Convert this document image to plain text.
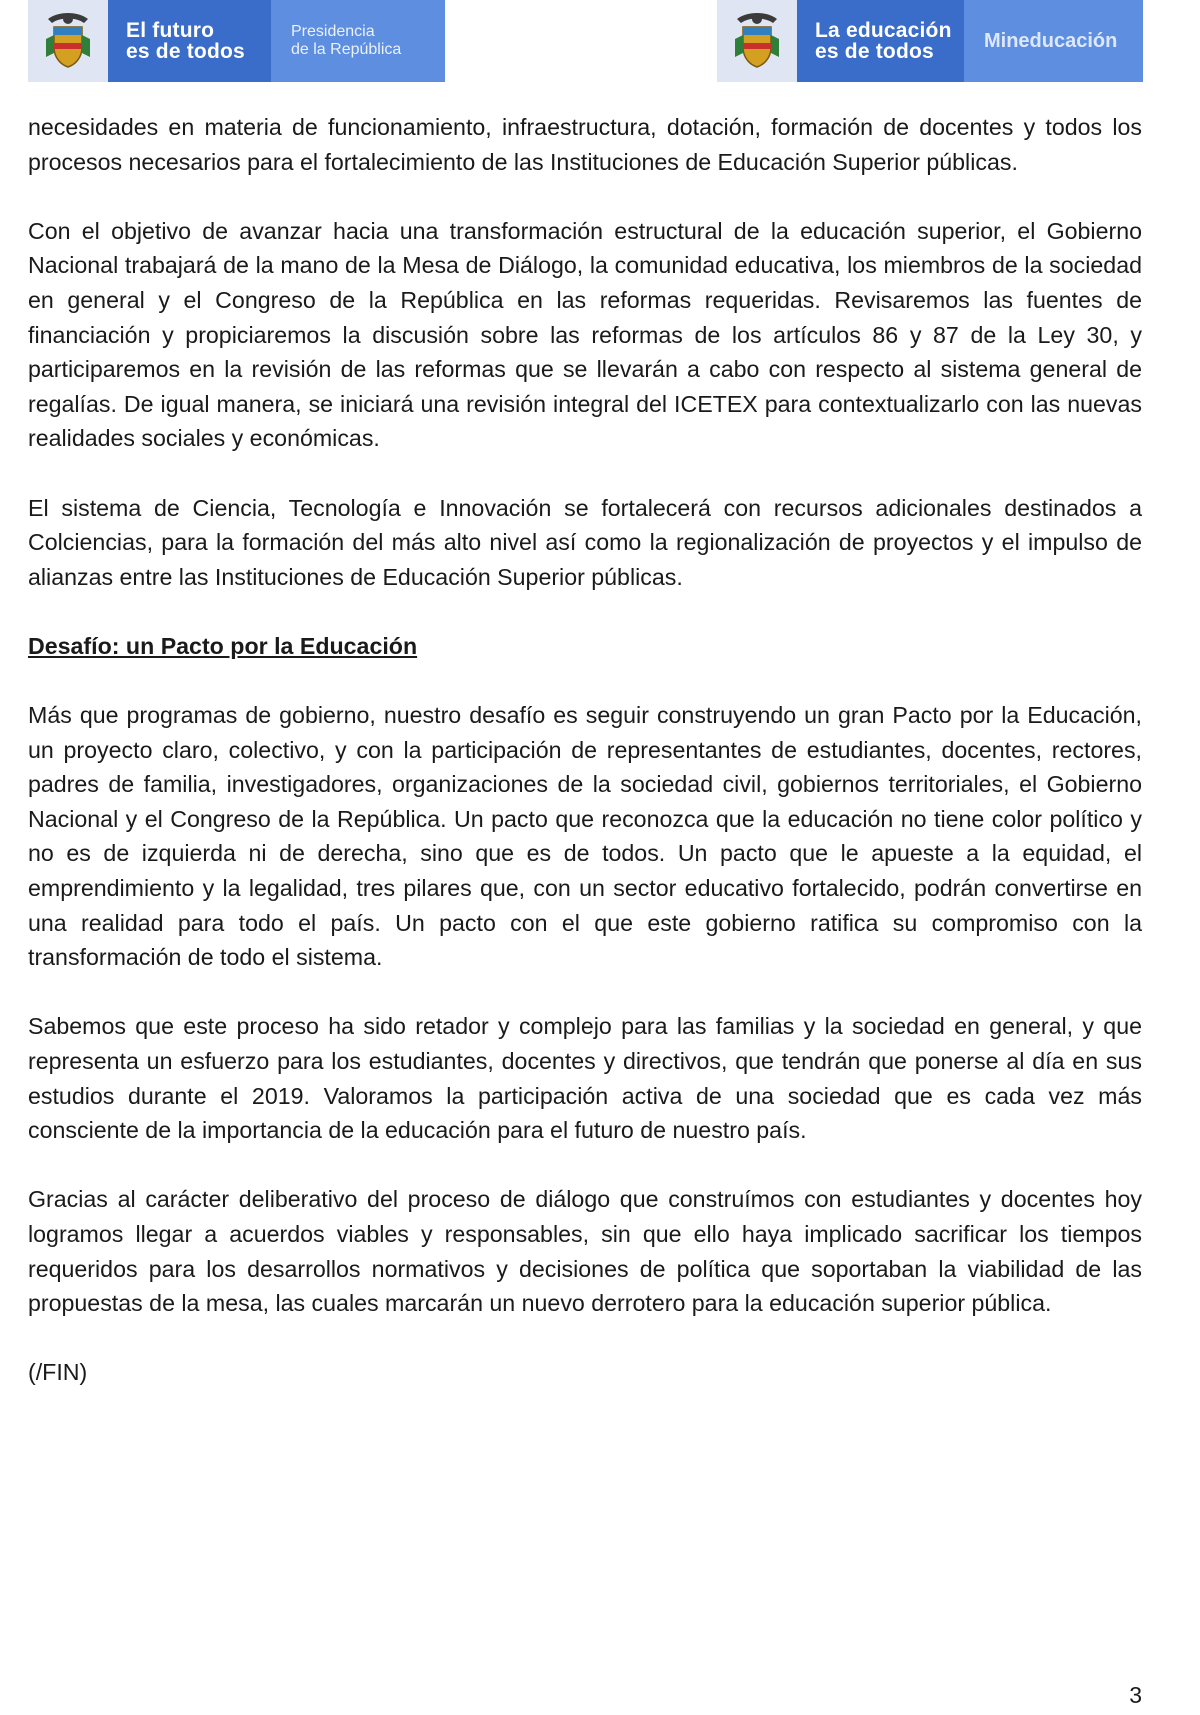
El futuro
es de todos
Presidencia
de la República
La educación
es de todos	Mineducación

necesidades en materia de funcionamiento, infraestructura, dotación, formación de docentes y todos los procesos necesarios para el fortalecimiento de las Instituciones de Educación Superior públicas.

Con el objetivo de avanzar hacia una transformación estructural de la educación superior, el Gobierno Nacional trabajará de la mano de la Mesa de Diálogo, la comunidad educativa, los miembros de la sociedad en general y el Congreso de la República en las reformas requeridas. Revisaremos las fuentes de financiación y propiciaremos la discusión sobre las reformas de los artículos 86 y 87 de la Ley 30, y participaremos en la revisión de las reformas que se llevarán a cabo con respecto al sistema general de regalías. De igual manera, se iniciará una revisión integral del ICETEX para contextualizarlo con las nuevas realidades sociales y económicas.

El sistema de Ciencia, Tecnología e Innovación se fortalecerá con recursos adicionales destinados a Colciencias, para la formación del más alto nivel así como la regionalización de proyectos y el impulso de alianzas entre las Instituciones de Educación Superior públicas.

Desafío: un Pacto por la Educación

Más que programas de gobierno, nuestro desafío es seguir construyendo un gran Pacto por la Educación, un proyecto claro, colectivo, y con la participación de representantes de estudiantes, docentes, rectores, padres de familia, investigadores, organizaciones de la sociedad civil, gobiernos territoriales, el Gobierno Nacional y el Congreso de la República. Un pacto que reconozca que la educación no tiene color político y no es de izquierda ni de derecha, sino que es de todos. Un pacto que le apueste a la equidad, el emprendimiento y la legalidad, tres pilares que, con un sector educativo fortalecido, podrán convertirse en una realidad para todo el país. Un pacto con el que este gobierno ratifica su compromiso con la transformación de todo el sistema.

Sabemos que este proceso ha sido retador y complejo para las familias y la sociedad en general, y que representa un esfuerzo para los estudiantes, docentes y directivos, que tendrán que ponerse al día en sus estudios durante el 2019. Valoramos la participación activa de una sociedad que es cada vez más consciente de la importancia de la educación para el futuro de nuestro país.

Gracias al carácter deliberativo del proceso de diálogo que construímos con estudiantes y docentes hoy logramos llegar a acuerdos viables y responsables, sin que ello haya implicado sacrificar los tiempos requeridos para los desarrollos normativos y decisiones de política que soportaban la viabilidad de las propuestas de la mesa, las cuales marcarán un nuevo derrotero para la educación superior pública.

(/FIN)

3
